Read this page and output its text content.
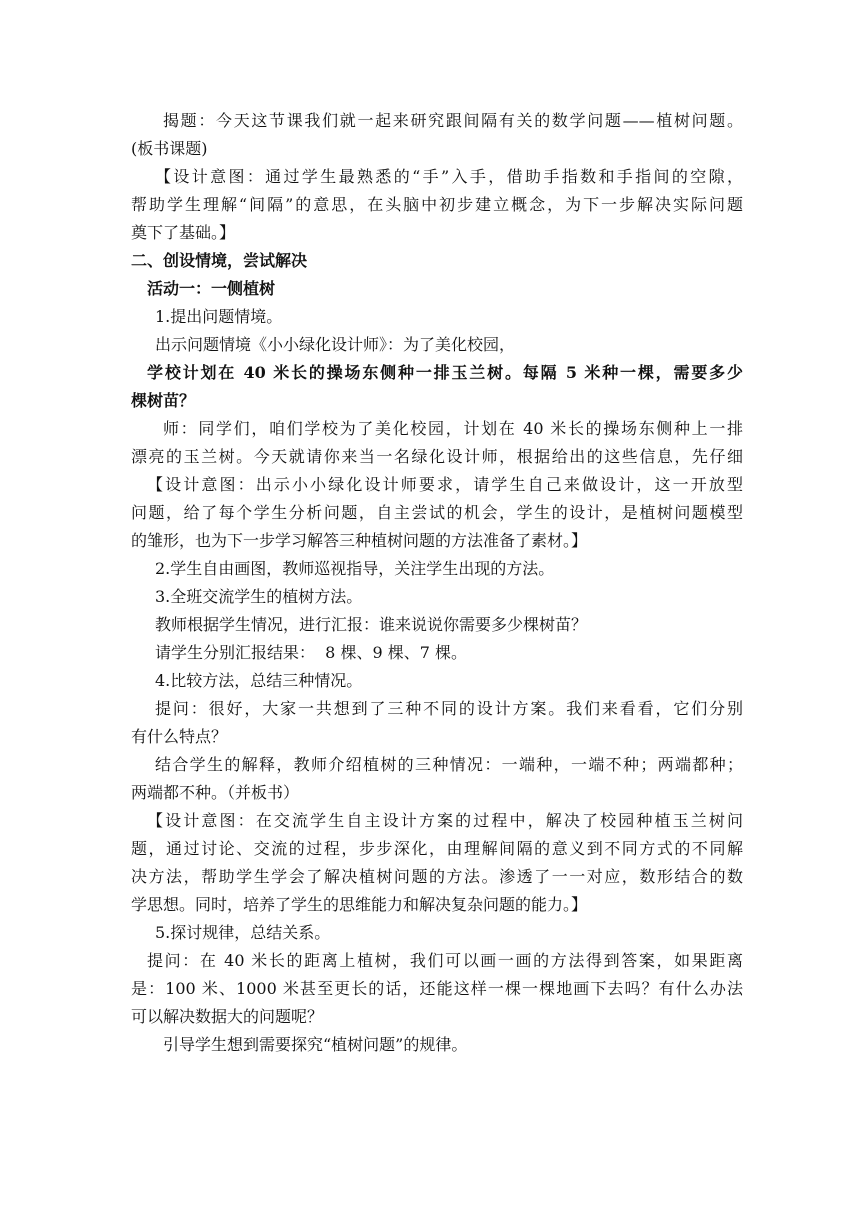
揭题：今天这节课我们就一起来研究跟间隔有关的数学问题——植树问题。
(板书课题)

【设计意图：通过学生最熟悉的“手”入手，借助手指数和手指间的空隙，
帮助学生理解“间隔”的意思，在头脑中初步建立概念，为下一步解决实际问题
奠下了基础。】

二、创设情境，尝试解决

活动一：一侧植树

1.提出问题情境。

出示问题情境《小小绿化设计师》：为了美化校园，

学校计划在 40 米长的操场东侧种一排玉兰树。每隔 5 米种一棵，需要多少
棵树苗？

师：同学们，咱们学校为了美化校园，计划在 40 米长的操场东侧种上一排
漂亮的玉兰树。今天就请你来当一名绿化设计师，根据给出的这些信息，先仔细

【设计意图：出示小小绿化设计师要求，请学生自己来做设计，这一开放型
问题，给了每个学生分析问题，自主尝试的机会，学生的设计，是植树问题模型
的雏形，也为下一步学习解答三种植树问题的方法准备了素材。】

2.学生自由画图，教师巡视指导，关注学生出现的方法。

3.全班交流学生的植树方法。

教师根据学生情况，进行汇报：谁来说说你需要多少棵树苗？

请学生分别汇报结果：  8 棵、9 棵、7 棵。

4.比较方法，总结三种情况。

提问：很好，大家一共想到了三种不同的设计方案。我们来看看，它们分别
有什么特点？

结合学生的解释，教师介绍植树的三种情况：一端种，一端不种；两端都种；
两端都不种。（并板书）

【设计意图：在交流学生自主设计方案的过程中，解决了校园种植玉兰树问
题，通过讨论、交流的过程，步步深化，由理解间隔的意义到不同方式的不同解
决方法，帮助学生学会了解决植树问题的方法。渗透了一一对应，数形结合的数
学思想。同时，培养了学生的思维能力和解决复杂问题的能力。】

5.探讨规律，总结关系。

提问：在 40 米长的距离上植树，我们可以画一画的方法得到答案，如果距离
是：100 米、1000 米甚至更长的话，还能这样一棵一棵地画下去吗？有什么办法
可以解决数据大的问题呢？

引导学生想到需要探究“植树问题”的规律。
